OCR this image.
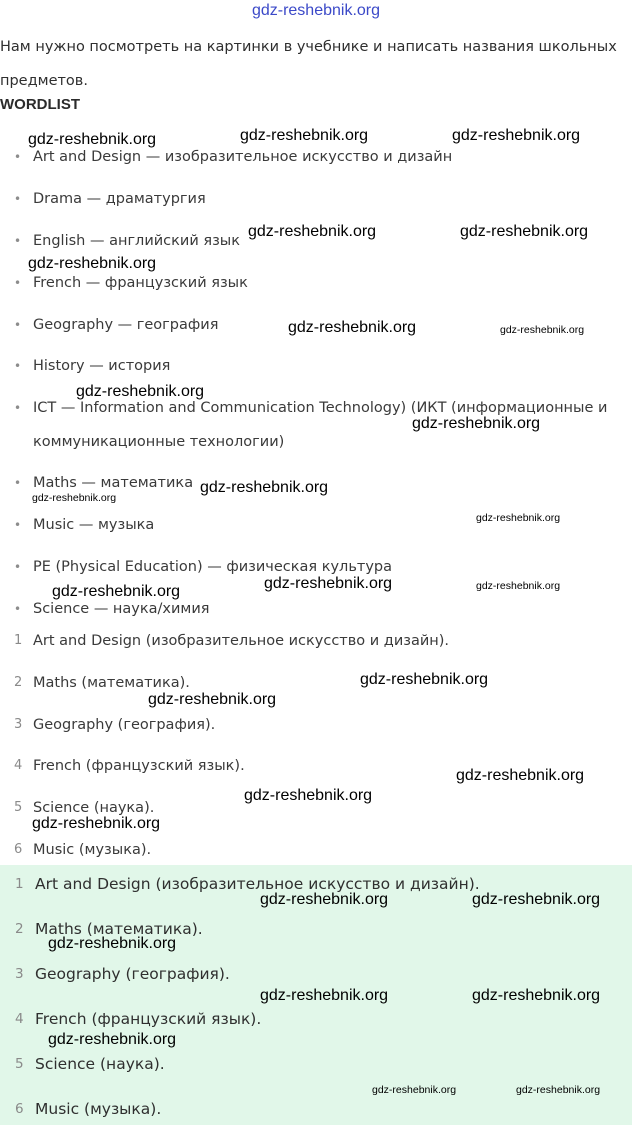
gdz-reshebnik.org
Нам нужно посмотреть на картинки в учебнике и написать названия школьных предметов.
WORDLIST
• Art and Design — изобразительное искусство и дизайн
• Drama — драматургия
• English — английский язык
• French — французский язык
• Geography — география
• History — история
• ICT — Information and Communication Technology) (ИКТ (информационные и коммуникационные технологии)
• Maths — математика
• Music — музыка
• PE (Physical Education) — физическая культура
• Science — наука/химия
1 Art and Design (изобразительное искусство и дизайн).
2 Maths (математика).
3 Geography (география).
4 French (французский язык).
5 Science (наука).
6 Music (музыка).
1 Art and Design (изобразительное искусство и дизайн).
2 Maths (математика).
3 Geography (география).
4 French (французский язык).
5 Science (наука).
6 Music (музыка).
gdz-reshebnik.org	gdz-reshebnik.org	gdz-reshebnik.org
gdz-reshebnik.org	gdz-reshebnik.org
gdz-reshebnik.org
gdz-reshebnik.org	gdz-reshebnik.org
gdz-reshebnik.org
gdz-reshebnik.org
gdz-reshebnik.org
gdz-reshebnik.org
gdz-reshebnik.org
gdz-reshebnik.org	gdz-reshebnik.org
gdz-reshebnik.org
gdz-reshebnik.org
gdz-reshebnik.org
gdz-reshebnik.org
gdz-reshebnik.org
gdz-reshebnik.org
gdz-reshebnik.org	gdz-reshebnik.org
gdz-reshebnik.org
gdz-reshebnik.org	gdz-reshebnik.org
gdz-reshebnik.org
gdz-reshebnik.org	gdz-reshebnik.org
